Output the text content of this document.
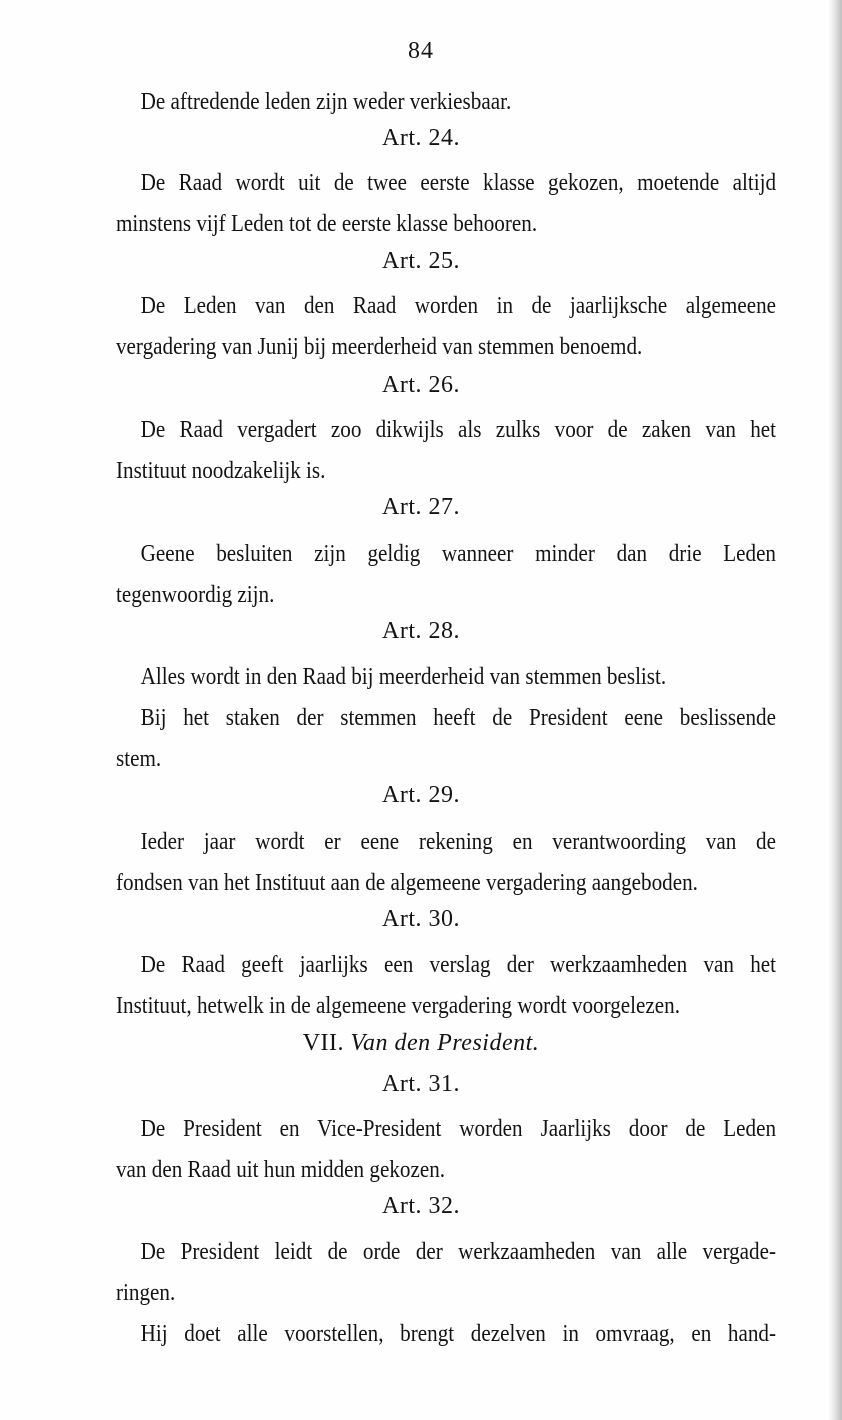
84
De aftredende leden zijn weder verkiesbaar.
Art. 24.
De Raad wordt uit de twee eerste klasse gekozen, moetende altijd
minstens vijf Leden tot de eerste klasse behooren.
Art. 25.
De Leden van den Raad worden in de jaarlijksche algemeene
vergadering van Junij bij meerderheid van stemmen benoemd.
Art. 26.
De Raad vergadert zoo dikwijls als zulks voor de zaken van het
Instituut noodzakelijk is.
Art. 27.
Geene besluiten zijn geldig wanneer minder dan drie Leden
tegenwoordig zijn.
Art. 28.
Alles wordt in den Raad bij meerderheid van stemmen beslist.
Bij het staken der stemmen heeft de President eene beslissende
stem.
Art. 29.
Ieder jaar wordt er eene rekening en verantwoording van de
fondsen van het Instituut aan de algemeene vergadering aangeboden.
Art. 30.
De Raad geeft jaarlijks een verslag der werkzaamheden van het
Instituut, hetwelk in de algemeene vergadering wordt voorgelezen.
VII. Van den President.
Art. 31.
De President en Vice-President worden Jaarlijks door de Leden
van den Raad uit hun midden gekozen.
Art. 32.
De President leidt de orde der werkzaamheden van alle vergade-
ringen.
Hij doet alle voorstellen, brengt dezelven in omvraag, en hand-
